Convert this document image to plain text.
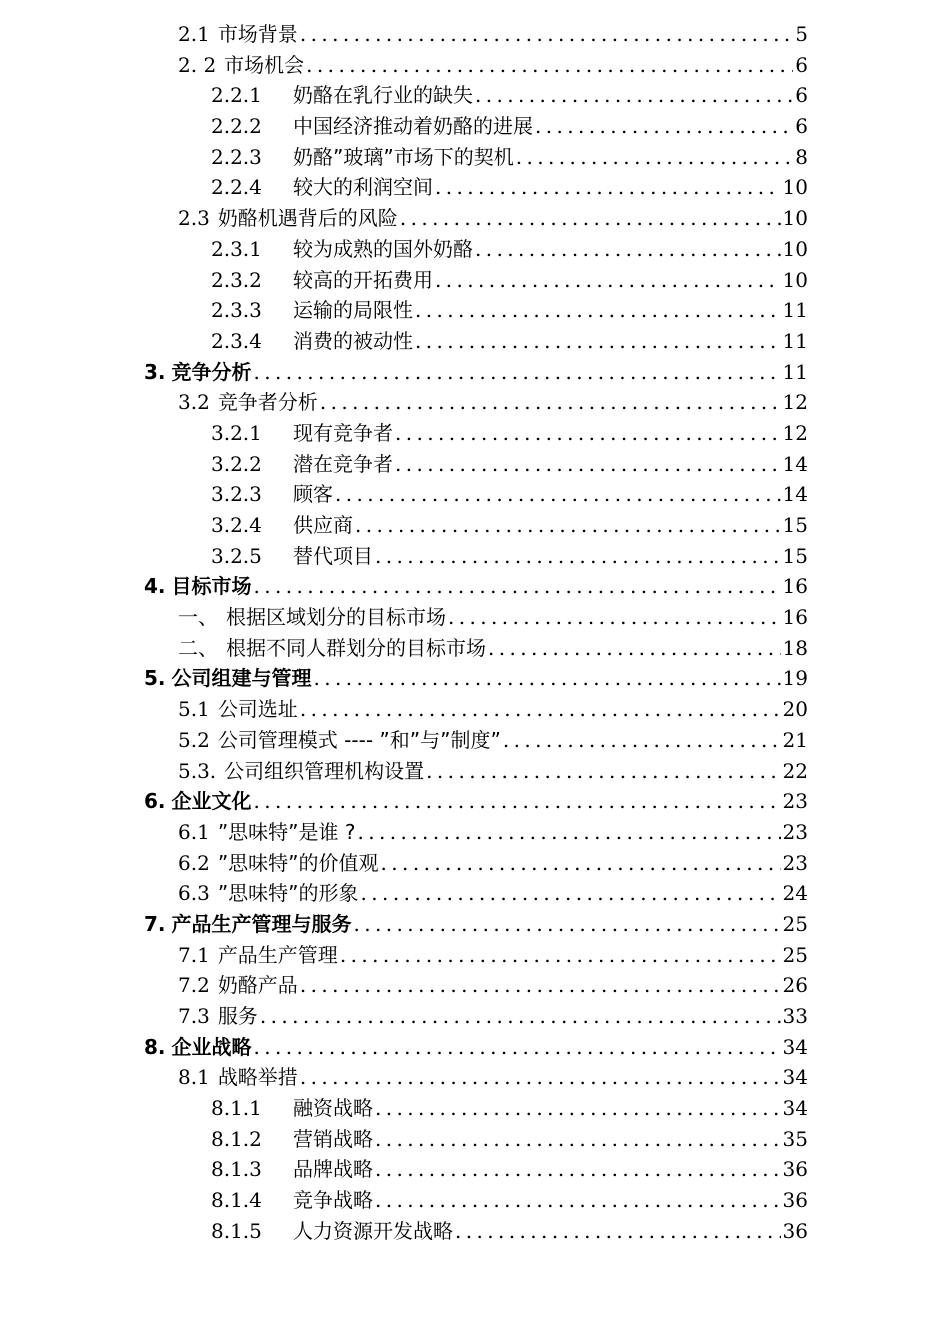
2.1 市场背景 .....	5
2. 2 市场机会 .....	6
2.2.1	奶酪在乳行业的缺失 .....	6
2.2.2	中国经济推动着奶酪的进展 .....	6
2.2.3	奶酪”玻璃”市场下的契机 .....	8
2.2.4	较大的利润空间 .....	10
2.3 奶酪机遇背后的风险 .....	10
2.3.1	较为成熟的国外奶酪 .....	10
2.3.2	较高的开拓费用 .....	10
2.3.3	运输的局限性 .....	11
2.3.4	消费的被动性 .....	11
3. 竞争分析 .....	11
3.2 竞争者分析 .....	12
3.2.1	现有竞争者 .....	12
3.2.2	潜在竞争者 .....	14
3.2.3	顾客 .....	14
3.2.4	供应商 .....	15
3.2.5	替代项目 .....	15
4. 目标市场 .....	16
一、 根据区域划分的目标市场 .....	16
二、 根据不同人群划分的目标市场 .....	18
5. 公司组建与管理 .....	19
5.1 公司选址 .....	20
5.2 公司管理模式 ---- ”和”与”制度” .....	21
5.3. 公司组织管理机构设置 .....	22
6. 企业文化 .....	23
6.1 ”思味特”是谁 ? .....	23
6.2 ”思味特”的价值观 .....	23
6.3 ”思味特”的形象 .....	24
7. 产品生产管理与服务 .....	25
7.1 产品生产管理 .....	25
7.2 奶酪产品 .....	26
7.3 服务 .....	33
8. 企业战略 .....	34
8.1 战略举措 .....	34
8.1.1	融资战略 .....	34
8.1.2	营销战略 .....	35
8.1.3	品牌战略 .....	36
8.1.4	竞争战略 .....	36
8.1.5	人力资源开发战略 .....	36
